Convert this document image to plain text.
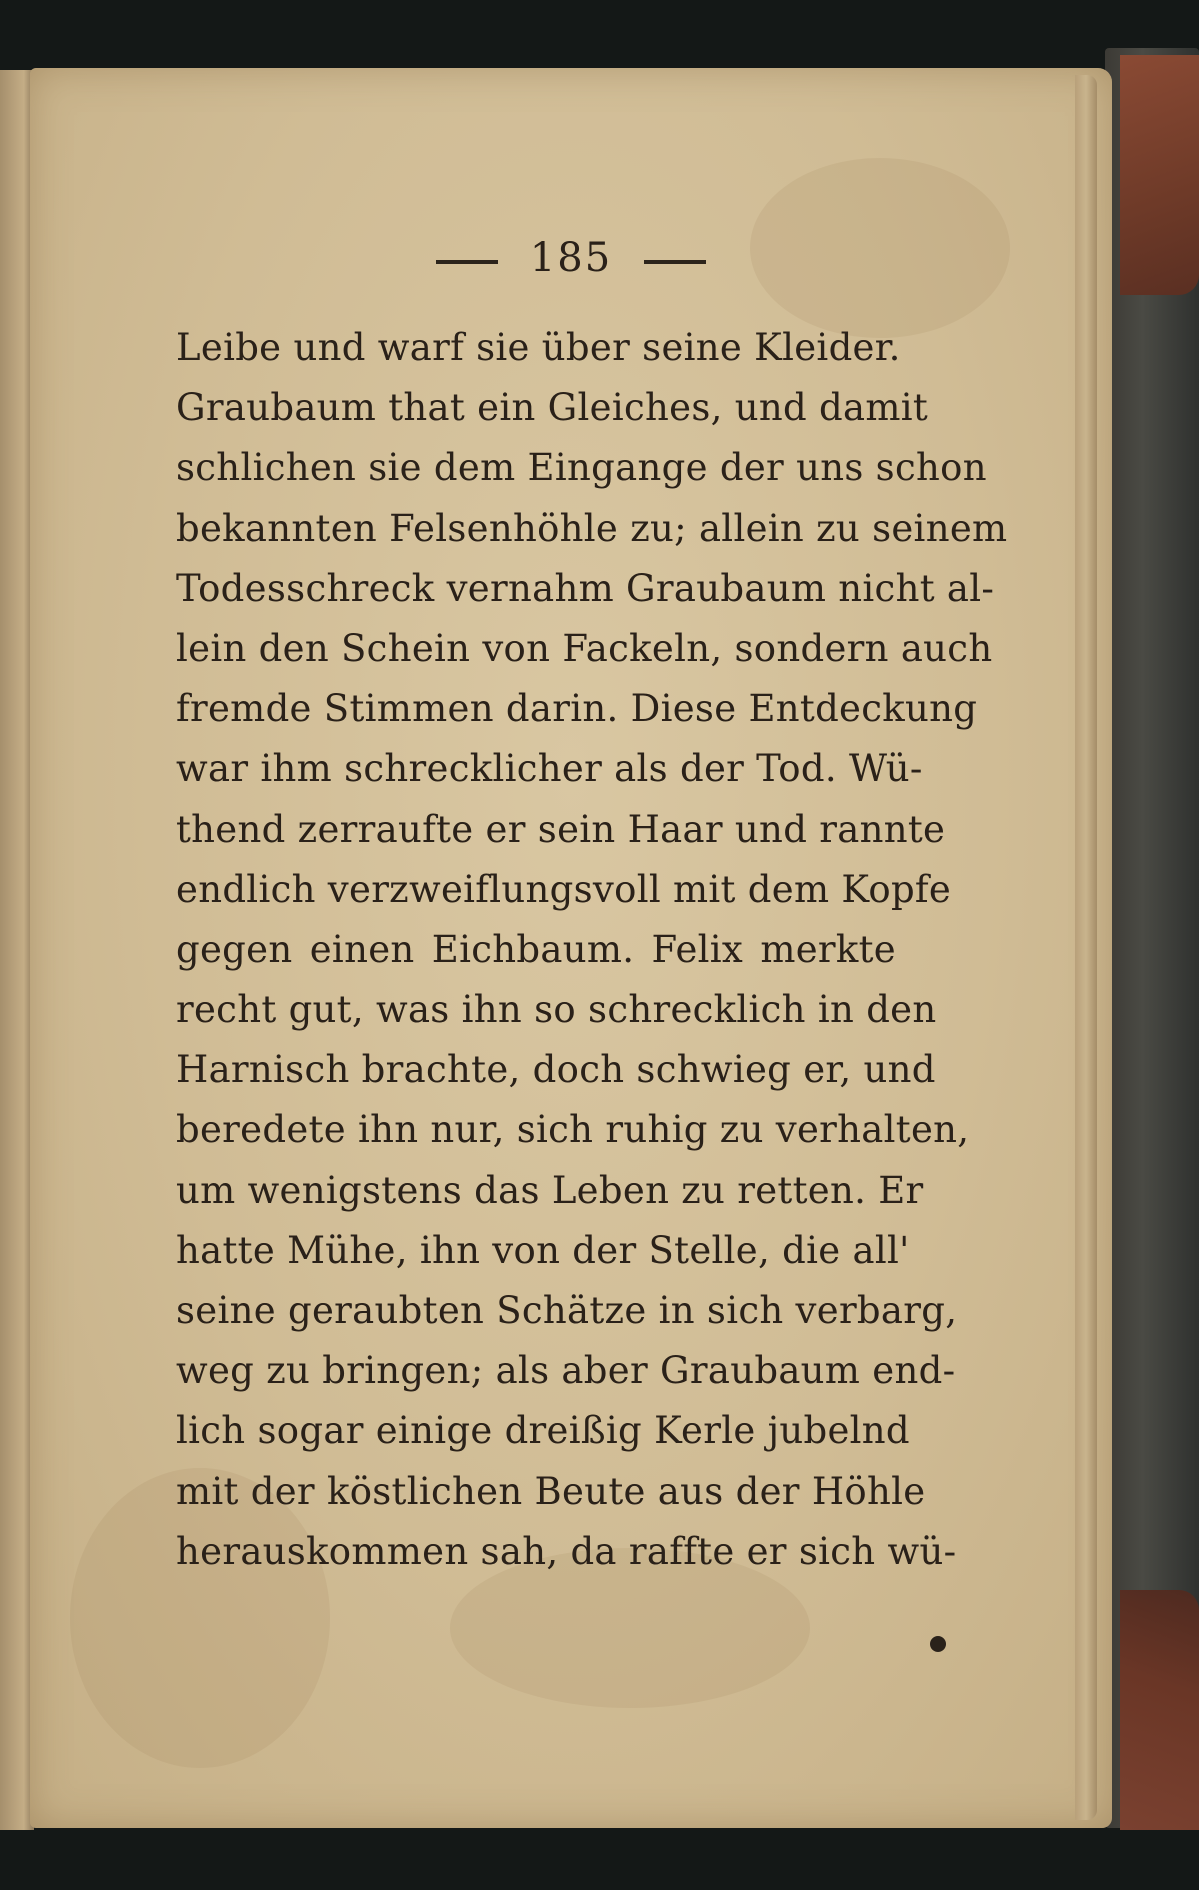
185
Leibe und warf sie über seine Kleider.
Graubaum that ein Gleiches, und damit
schlichen sie dem Eingange der uns schon
bekannten Felsenhöhle zu; allein zu seinem
Todesschreck vernahm Graubaum nicht al-
lein den Schein von Fackeln, sondern auch
fremde Stimmen darin. Diese Entdeckung
war ihm schrecklicher als der Tod. Wü-
thend zerraufte er sein Haar und rannte
endlich verzweiflungsvoll mit dem Kopfe
gegen einen Eichbaum. Felix merkte
recht gut, was ihn so schrecklich in den
Harnisch brachte, doch schwieg er, und
beredete ihn nur, sich ruhig zu verhalten,
um wenigstens das Leben zu retten. Er
hatte Mühe, ihn von der Stelle, die all'
seine geraubten Schätze in sich verbarg,
weg zu bringen; als aber Graubaum end-
lich sogar einige dreißig Kerle jubelnd
mit der köstlichen Beute aus der Höhle
herauskommen sah, da raffte er sich wü-
